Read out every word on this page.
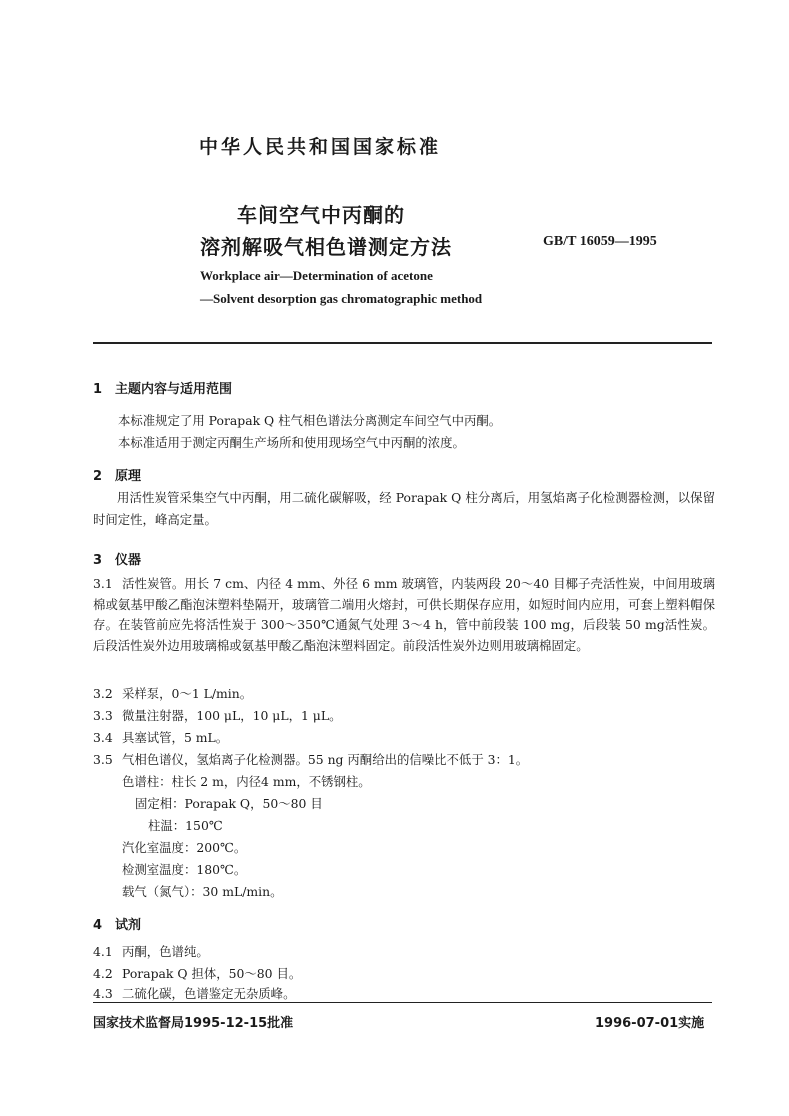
中华人民共和国国家标准
车间空气中丙酮的
溶剂解吸气相色谱测定方法	GB/T 16059—1995
Workplace air—Determination of acetone
—Solvent desorption gas chromatographic method
1 主题内容与适用范围
本标准规定了用 Porapak Q 柱气相色谱法分离测定车间空气中丙酮。
本标准适用于测定丙酮生产场所和使用现场空气中丙酮的浓度。
2 原理
用活性炭管采集空气中丙酮，用二硫化碳解吸，经 Porapak Q 柱分离后，用氢焰离子化检测器检测，以保留时间定性，峰高定量。
3 仪器
3.1 活性炭管。用长 7 cm、内径 4 mm、外径 6 mm 玻璃管，内装两段 20～40 目椰子壳活性炭，中间用玻璃棉或氨基甲酸乙酯泡沫塑料垫隔开，玻璃管二端用火熔封，可供长期保存应用，如短时间内应用，可套上塑料帽保存。在装管前应先将活性炭于 300～350℃通氮气处理 3～4 h，管中前段装 100 mg，后段装 50 mg活性炭。后段活性炭外边用玻璃棉或氨基甲酸乙酯泡沫塑料固定。前段活性炭外边则用玻璃棉固定。
3.2 采样泵，0～1 L/min。
3.3 微量注射器，100 μL，10 μL，1 μL。
3.4 具塞试管，5 mL。
3.5 气相色谱仪，氢焰离子化检测器。55 ng 丙酮给出的信噪比不低于 3：1。
色谱柱：柱长 2 m，内径4 mm，不锈钢柱。
固定相：Porapak Q，50～80 目
柱温：150℃
汽化室温度：200℃。
检测室温度：180℃。
载气（氮气）：30 mL/min。
4 试剂
4.1 丙酮，色谱纯。
4.2 Porapak Q 担体，50～80 目。
4.3 二硫化碳，色谱鉴定无杂质峰。
国家技术监督局1995-12-15批准	1996-07-01实施
